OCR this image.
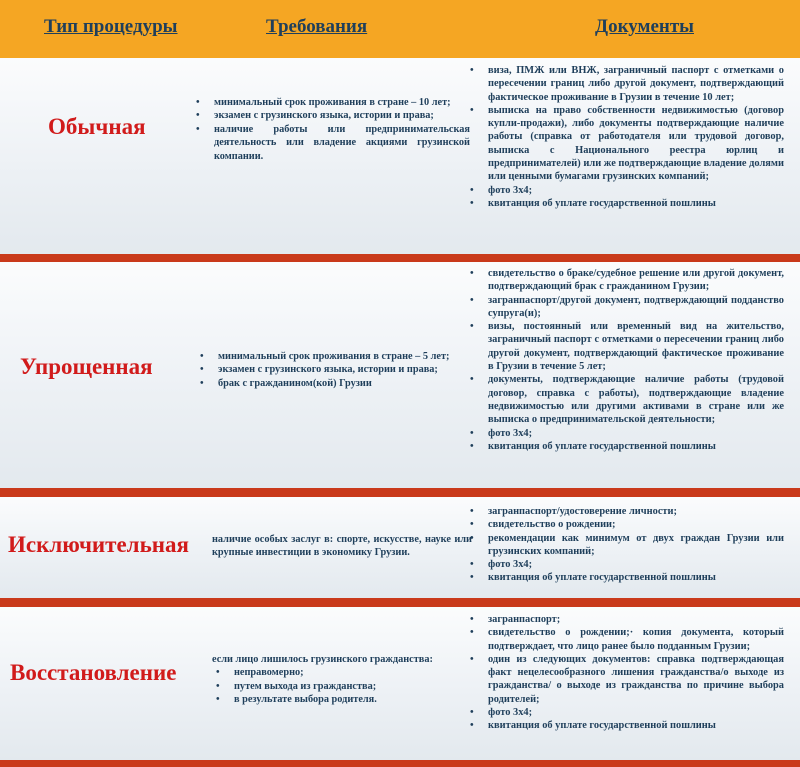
Тип процедуры	Требования	Документы
Обычная
• минимальный срок проживания в стране – 10 лет;
• экзамен с грузинского языка, истории и права;
• наличие работы или предпринимательская деятельность или владение акциями грузинской компании.
• виза, ПМЖ или ВНЖ, заграничный паспорт с отметками о пересечении границ либо другой документ, подтверждающий фактическое проживание в Грузии в течение 10 лет;
• выписка на право собственности недвижимостью (договор купли-продажи), либо документы подтверждающие наличие работы (справка от работодателя или трудовой договор, выписка с Национального реестра юрлиц и предпринимателей) или же подтверждающие владение долями или ценными бумагами грузинских компаний;
• фото 3x4;
• квитанция об уплате государственной пошлины
Упрощенная
•	минимальный срок проживания в стране – 5 лет;
• экзамен с грузинского языка, истории и права;
• брак с гражданином(кой) Грузии
• свидетельство о браке/судебное решение или другой документ, подтверждающий брак с гражданином Грузии;
• загранпаспорт/другой документ, подтверждающий подданство супруга(и);
• визы, постоянный или временный вид на жительство, заграничный паспорт с отметками о пересечении границ либо другой документ, подтверждающий фактическое проживание в Грузии в течение 5 лет;
• документы, подтверждающие наличие работы (трудовой договор, справка с работы), подтверждающие владение недвижимостью или другими активами в стране или же выписка о предпринимательской деятельности;
• фото 3x4;
• квитанция об уплате государственной пошлины
Исключительная наличие особых заслуг в: спорте, искусстве, науке или крупные инвестиции в экономику Грузии.

• загранпаспорт/удостоверение личности;
• свидетельство о рождении;
• рекомендации как минимум от двух граждан Грузии или грузинских компаний;
• фото 3x4;
• квитанция об уплате государственной пошлины
Восстановление

если лицо лишилось грузинского гражданства:

• неправомерно;
• путем выхода из гражданства;
• в результате выбора родителя.
• загранпаспорт;
• свидетельство о рождении;· копия документа, который подтверждает, что лицо ранее было подданным Грузии;
• один из следующих документов: справка подтверждающая факт нецелесообразного лишения гражданства/о выходе из гражданства/ о выходе из гражданства по причине выбора родителей;
• фото 3x4;
• квитанция об уплате государственной пошлины
